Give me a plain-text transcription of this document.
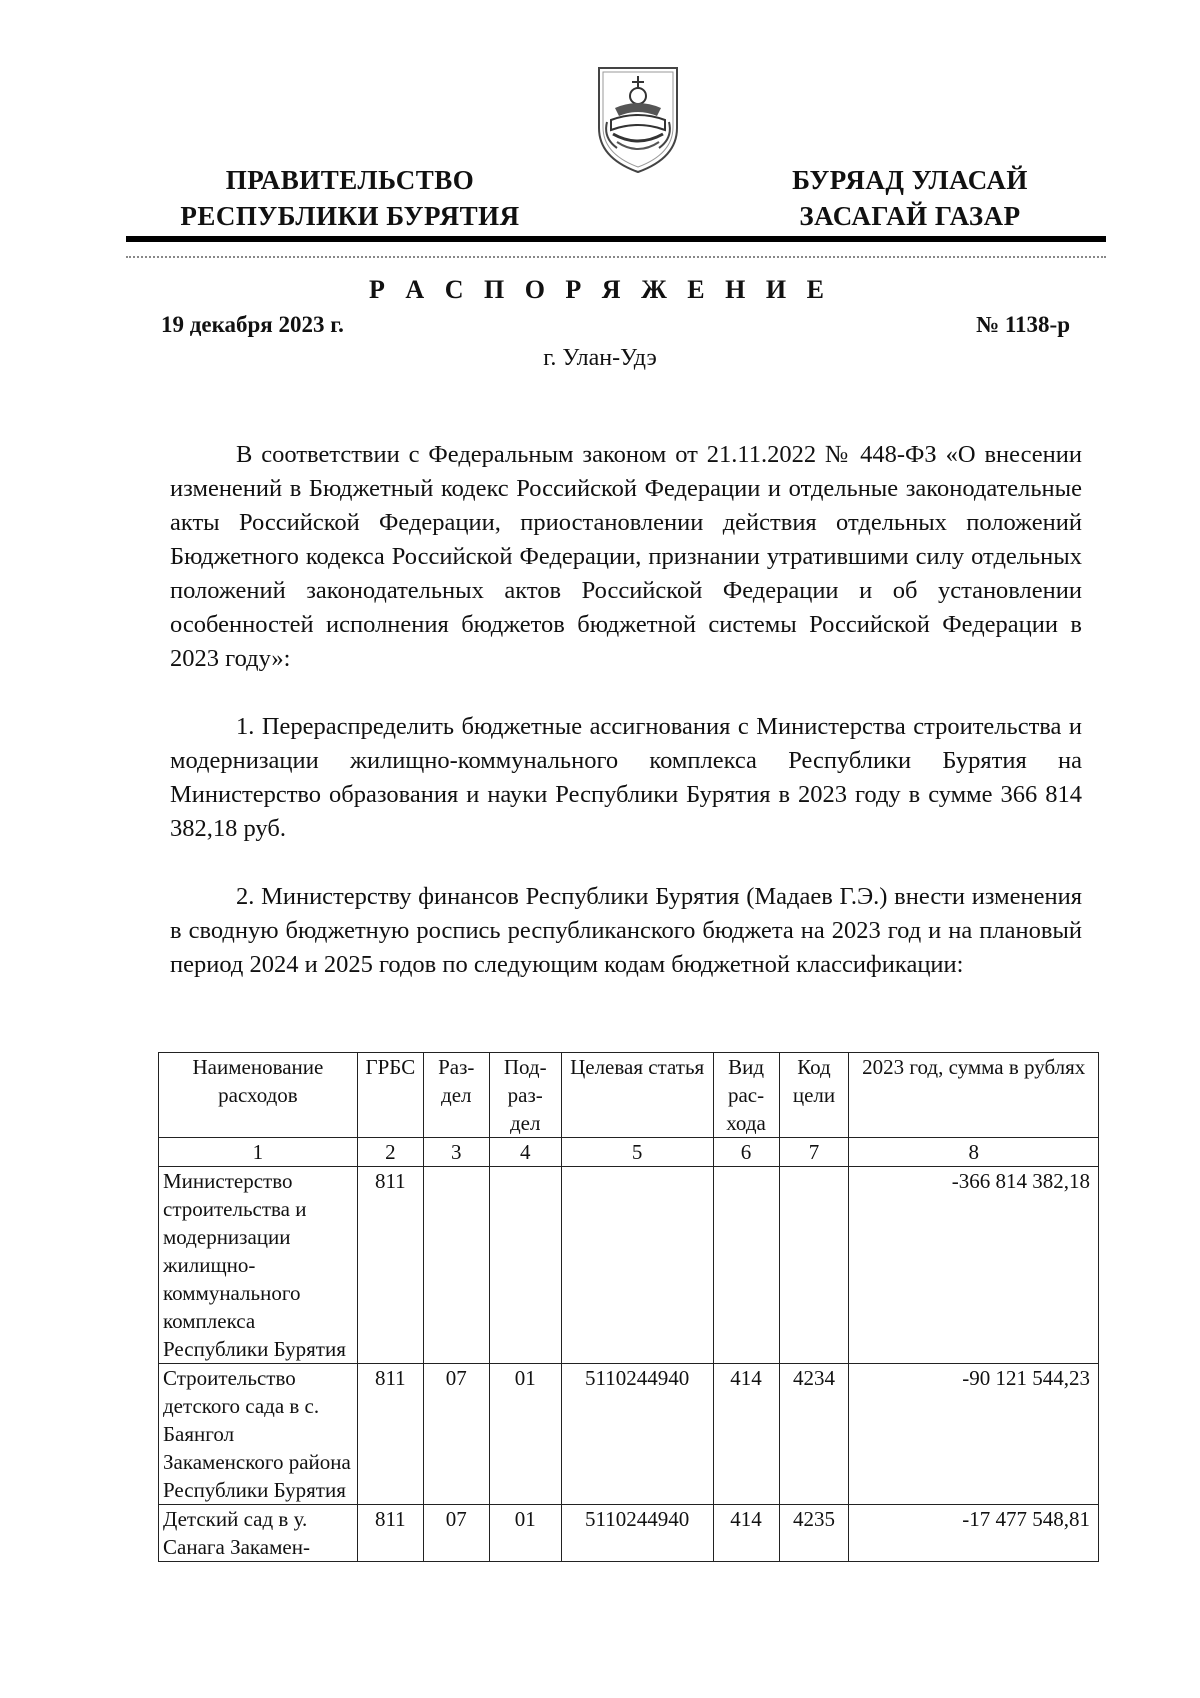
ПРАВИТЕЛЬСТВО
РЕСПУБЛИКИ БУРЯТИЯ
БУРЯАД УЛАСАЙ
ЗАСАГАЙ ГАЗАР
Р А С П О Р Я Ж Е Н И Е
19 декабря 2023 г.	№ 1138-р
г. Улан-Удэ

В соответствии с Федеральным законом от 21.11.2022 № 448-ФЗ «О внесении изменений в Бюджетный кодекс Российской Федерации и отдельные законодательные акты Российской Федерации, приостановлении действия отдельных положений Бюджетного кодекса Российской Федерации, признании утратившими силу отдельных положений законодательных актов Российской Федерации и об установлении особенностей исполнения бюджетов бюджетной системы Российской Федерации в 2023 году»:

1. Перераспределить бюджетные ассигнования с Министерства строительства и модернизации жилищно-коммунального комплекса Республики Бурятия на Министерство образования и науки Республики Бурятия в 2023 году в сумме 366 814 382,18 руб.

2. Министерству финансов Республики Бурятия (Мадаев Г.Э.) внести изменения в сводную бюджетную роспись республиканского бюджета на 2023 год и на плановый период 2024 и 2025 годов по следующим кодам бюджетной классификации:

Наименование расходов	ГРБС	Раз-дел	Под-раз-дел	Целевая статья	Вид рас-хода	Код цели	2023 год, сумма в рублях
1	2	3	4	5	6	7	8
Министерство строительства и модернизации жилищно-коммунального комплекса Республики Бурятия	811						-366 814 382,18
Строительство детского сада в с. Баянгол Закаменского района Республики Бурятия	811	07	01	5110244940	414	4234	-90 121 544,23
Детский сад в у. Санага Закамен-	811	07	01	5110244940	414	4235	-17 477 548,81
